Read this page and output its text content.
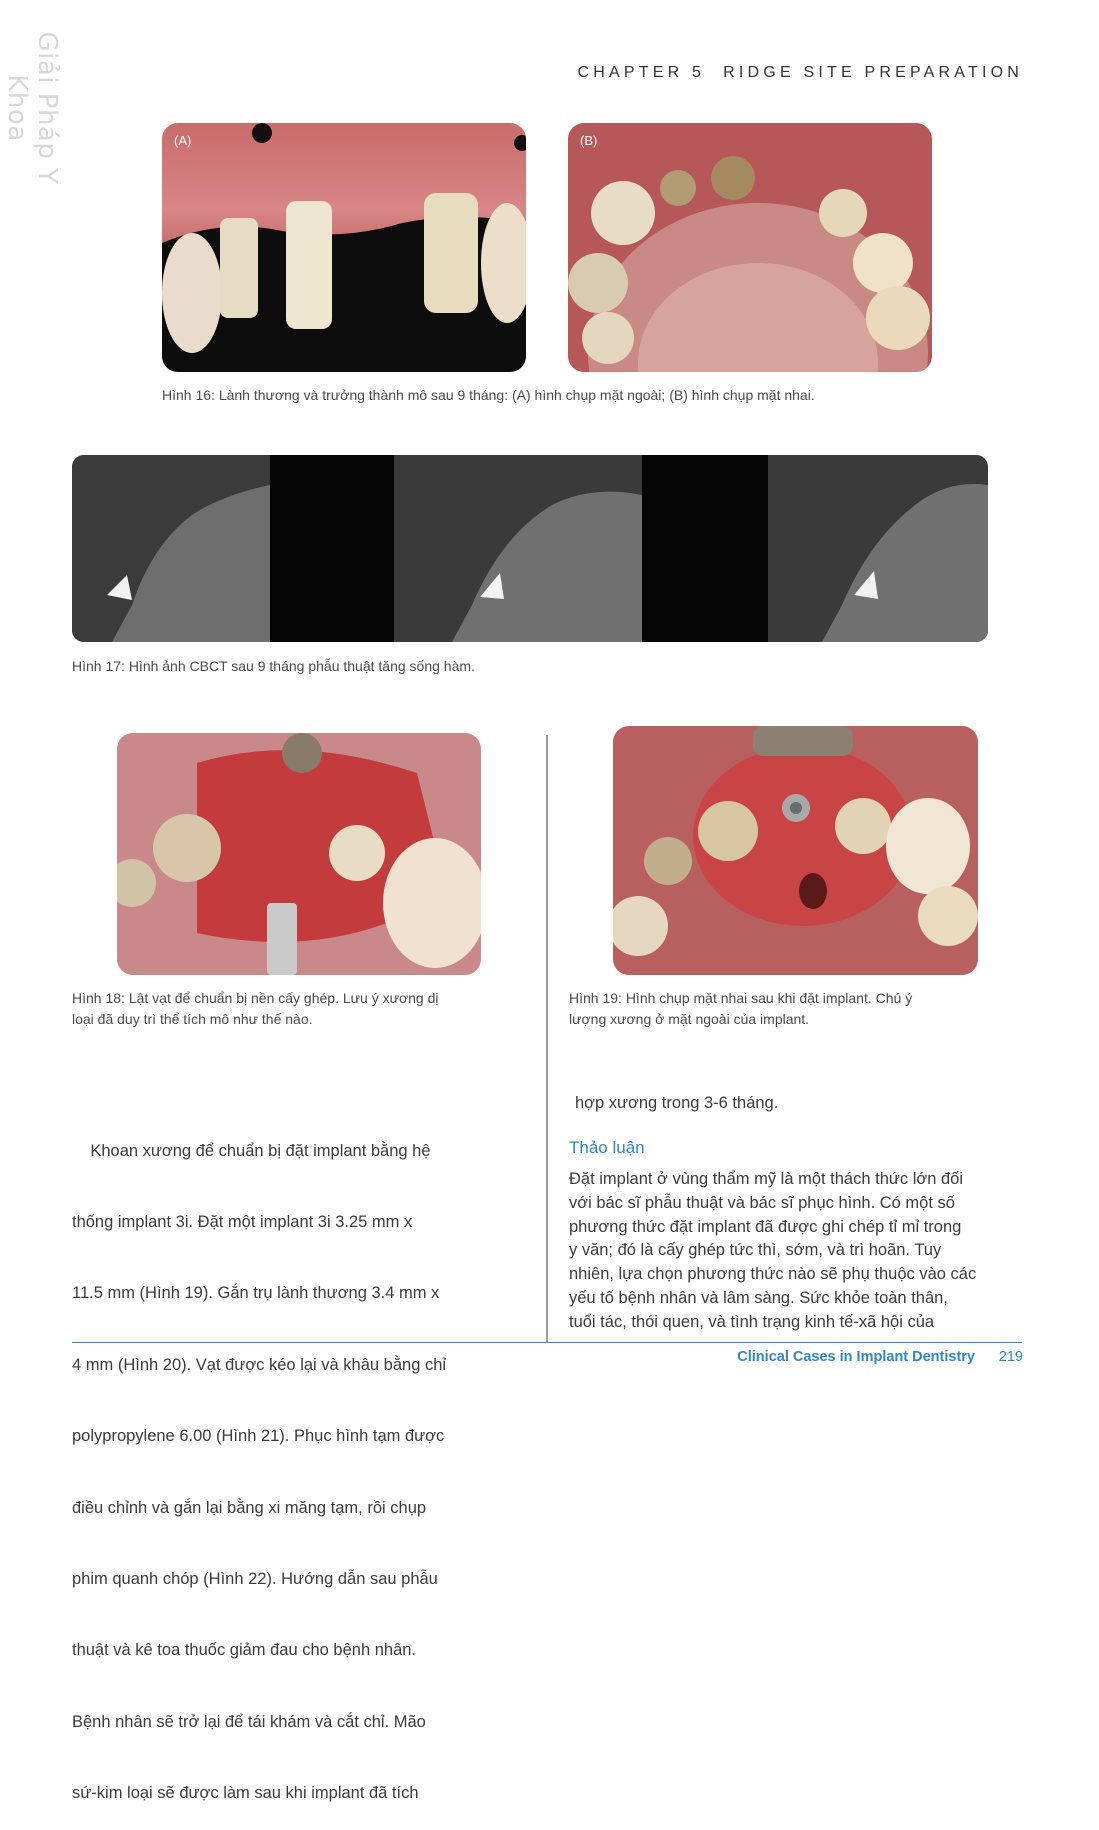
Giải Pháp Y Khoa
CHAPTER 5 RIDGE SITE PREPARATION
(A)	(B)
Hình 16: Lành thương và trưởng thành mô sau 9 tháng: (A) hình chụp mặt ngoài; (B) hình chụp mặt nhai.
Hình 17: Hình ảnh CBCT sau 9 tháng phẫu thuật tăng sống hàm.
Hình 18: Lật vạt để chuẩn bị nền cấy ghép. Lưu ý xương dị
loại đã duy trì thể tích mô như thế nào.
Hình 19: Hình chụp mặt nhai sau khi đặt implant. Chú ý
lượng xương ở mặt ngoài của implant.

Khoan xương để chuẩn bị đặt implant bằng hệ

thống implant 3i. Đặt một implant 3i 3.25 mm x

11.5 mm (Hình 19). Gắn trụ lành thương 3.4 mm x

4 mm (Hình 20). Vạt được kéo lại và khâu bằng chỉ

polypropylene 6.00 (Hình 21). Phục hình tạm được

điều chỉnh và gắn lại bằng xi măng tạm, rồi chụp

phim quanh chóp (Hình 22). Hướng dẫn sau phẫu

thuật và kê toa thuốc giảm đau cho bệnh nhân.

Bệnh nhân sẽ trở lại để tái khám và cắt chỉ. Mão

sứ-kim loại sẽ được làm sau khi implant đã tích

hợp xương trong 3-6 tháng.
Thảo luận
Đặt implant ở vùng thẩm mỹ là một thách thức lớn đối
với bác sĩ phẫu thuật và bác sĩ phục hình. Có một số
phương thức đặt implant đã được ghi chép tỉ mỉ trong
y văn; đó là cấy ghép tức thì, sớm, và trì hoãn. Tuy
nhiên, lựa chọn phương thức nào sẽ phụ thuộc vào các
yếu tố bệnh nhân và lâm sàng. Sức khỏe toàn thân,
tuổi tác, thói quen, và tình trạng kinh tế-xã hội của
Clinical Cases in Implant Dentistry 219
